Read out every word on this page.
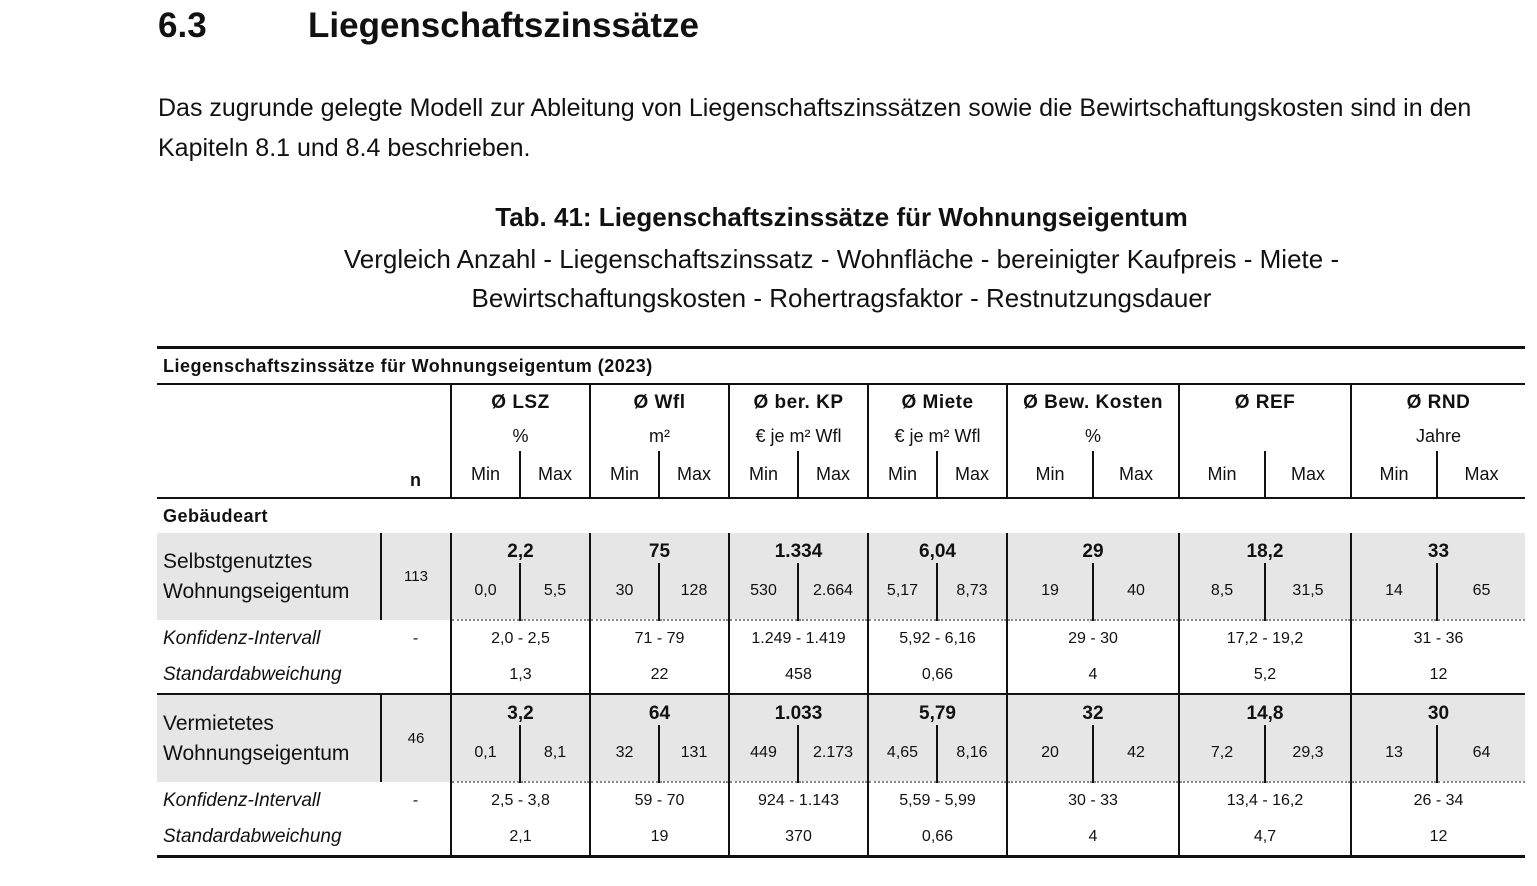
6.3	Liegenschaftszinssätze
Das zugrunde gelegte Modell zur Ableitung von Liegenschaftszinssätzen sowie die Bewirtschaftungskosten sind in den Kapiteln 8.1 und 8.4 beschrieben.
Tab. 41: Liegenschaftszinssätze für Wohnungseigentum
Vergleich Anzahl - Liegenschaftszinssatz - Wohnfläche - bereinigter Kaufpreis - Miete -
Bewirtschaftungskosten - Rohertragsfaktor - Restnutzungsdauer
Liegenschaftszinssätze für Wohnungseigentum (2023)															
		Ø LSZ		Ø Wfl		Ø ber. KP		Ø Miete		Ø Bew. Kosten		Ø REF		Ø RND	
		%		m²		€ je m² Wfl		€ je m² Wfl		%				Jahre	
	n	Min	Max	Min	Max	Min	Max	Min	Max	Min	Max	Min	Max	Min	Max
Gebäudeart															

Selbstgenutztes
Wohnungseigentum	113	2,2		75		1.334		6,04		29		18,2		33	
		0,0	5,5	30	128	530	2.664	5,17	8,73	19	40	8,5	31,5	14	65
Konfidenz-Intervall	-	2,0 - 2,5		71 - 79		1.249 - 1.419		5,92 - 6,16		29 - 30		17,2 - 19,2		31 - 36	
Standardabweichung		1,3		22		458		0,66		4		5,2		12	

Vermietetes
Wohnungseigentum	46	3,2		64		1.033		5,79		32		14,8		30	
		0,1	8,1	32	131	449	2.173	4,65	8,16	20	42	7,2	29,3	13	64
Konfidenz-Intervall	-	2,5 - 3,8		59 - 70		924 - 1.143		5,59 - 5,99		30 - 33		13,4 - 16,2		26 - 34	
Standardabweichung		2,1		19		370		0,66		4		4,7		12	
